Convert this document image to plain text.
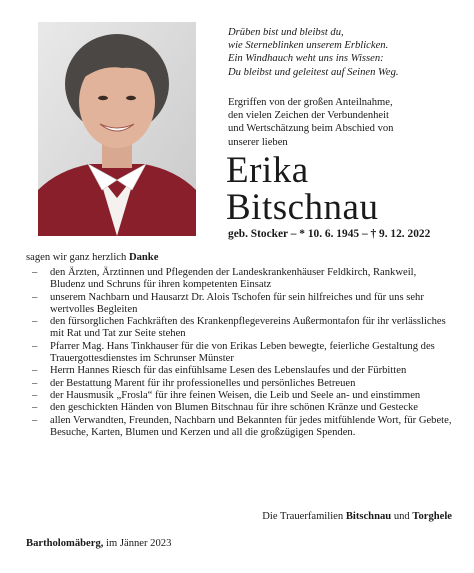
Drüben bist und bleibst du,
wie Sterneblinken unserem Erblicken.
Ein Windhauch weht uns ins Wissen:
Du bleibst und geleitest auf Seinen Weg.
Ergriffen von der großen Anteilnahme,
den vielen Zeichen der Verbundenheit
und Wertschätzung beim Abschied von
unserer lieben
Erika
Bitschnau
geb. Stocker – * 10. 6. 1945 – † 9. 12. 2022
sagen wir ganz herzlich Danke
– den Ärzten, Ärztinnen und Pflegenden der Landeskrankenhäuser Feldkirch, Rankweil, Bludenz und Schruns für ihren kompetenten Einsatz
– unserem Nachbarn und Hausarzt Dr. Alois Tschofen für sein hilfreiches und für uns sehr wertvolles Begleiten
– den fürsorglichen Fachkräften des Krankenpflegevereins Außermontafon für ihr verlässliches mit Rat und Tat zur Seite stehen
– Pfarrer Mag. Hans Tinkhauser für die von Erikas Leben bewegte, feierliche Gestaltung des Trauergottesdienstes im Schrunser Münster
– Herrn Hannes Riesch für das einfühlsame Lesen des Lebenslaufes und der Fürbitten
– der Bestattung Marent für ihr professionelles und persönliches Betreuen
– der Hausmusik „Frosla“ für ihre feinen Weisen, die Leib und Seele an- und einstimmen
– den geschickten Händen von Blumen Bitschnau für ihre schönen Kränze und Gestecke
– allen Verwandten, Freunden, Nachbarn und Bekannten für jedes mitfühlende Wort, für Gebete, Besuche, Karten, Blumen und Kerzen und all die großzügigen Spenden.
Die Trauerfamilien Bitschnau und Torghele
Bartholomäberg, im Jänner 2023
